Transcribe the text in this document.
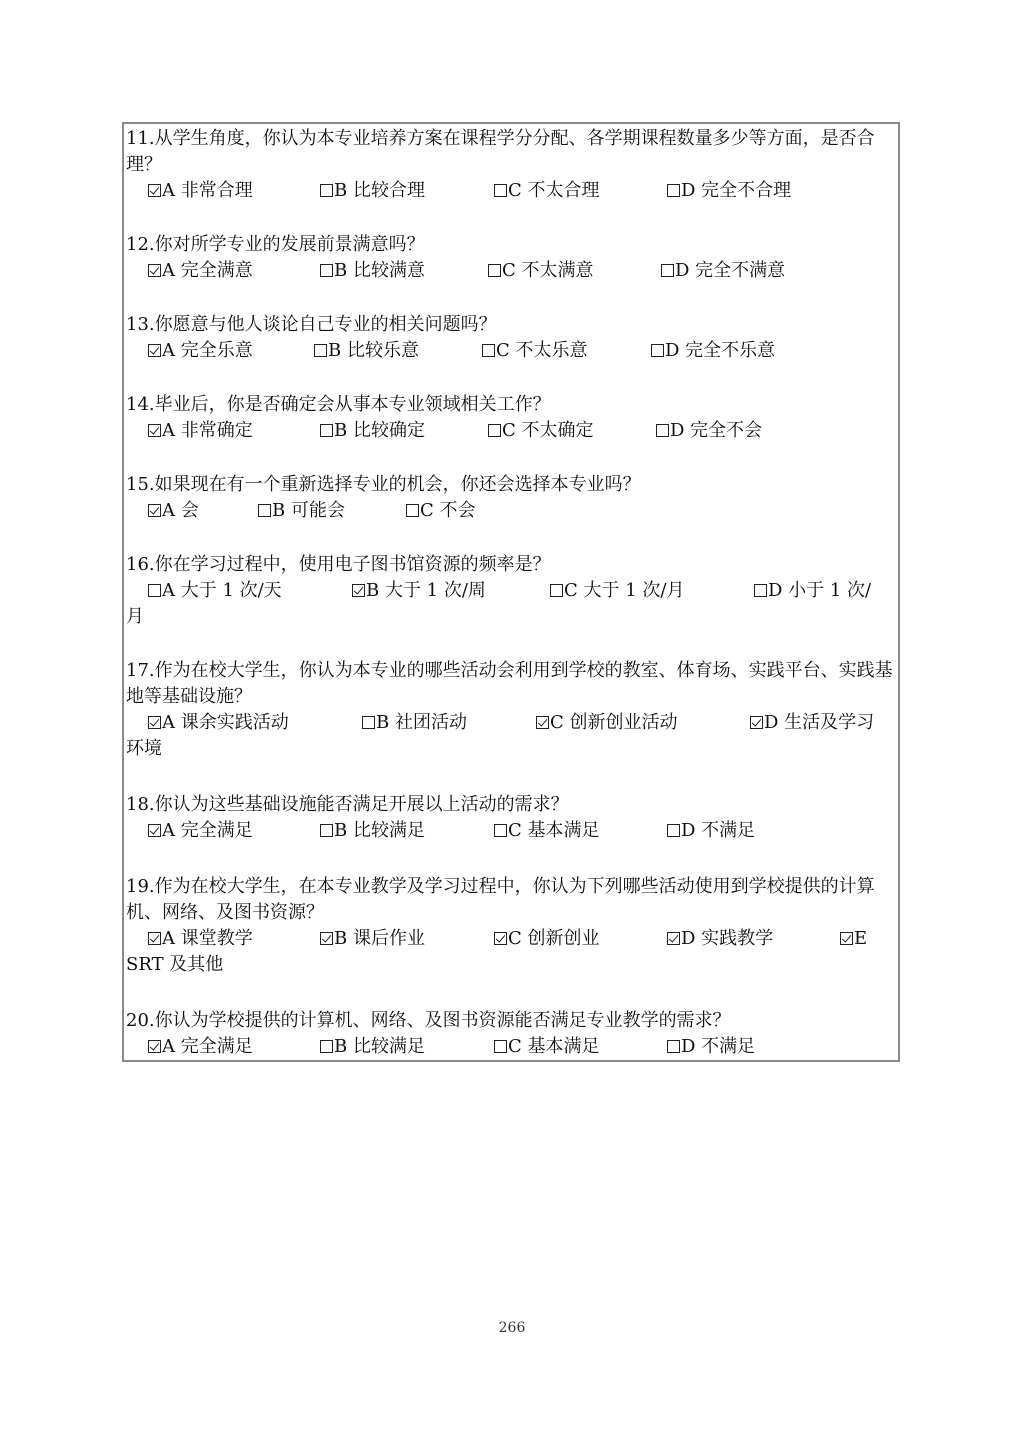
11.从学生角度，你认为本专业培养方案在课程学分分配、各学期课程数量多少等方面，是否合理？
A 非常合理	B 比较合理	C 不太合理	D 完全不合理
12.你对所学专业的发展前景满意吗？
A 完全满意	B 比较满意	C 不太满意	D 完全不满意
13.你愿意与他人谈论自己专业的相关问题吗？
A 完全乐意	B 比较乐意	C 不太乐意	D 完全不乐意
14.毕业后，你是否确定会从事本专业领域相关工作？
A 非常确定	B 比较确定	C 不太确定	D 完全不会
15.如果现在有一个重新选择专业的机会，你还会选择本专业吗？
A 会	B 可能会	C 不会
16.你在学习过程中，使用电子图书馆资源的频率是？
A 大于 1 次/天	B 大于 1 次/周	C 大于 1 次/月	D 小于 1 次/
月
17.作为在校大学生，你认为本专业的哪些活动会利用到学校的教室、体育场、实践平台、实践基地等基础设施？
A 课余实践活动	B 社团活动	C 创新创业活动	D 生活及学习
环境
18.你认为这些基础设施能否满足开展以上活动的需求？
A 完全满足	B 比较满足	C 基本满足	D 不满足
19.作为在校大学生，在本专业教学及学习过程中，你认为下列哪些活动使用到学校提供的计算机、网络、及图书资源？
A 课堂教学	B 课后作业	C 创新创业	D 实践教学	E
SRT 及其他
20.你认为学校提供的计算机、网络、及图书资源能否满足专业教学的需求？
A 完全满足	B 比较满足	C 基本满足	D 不满足
266
